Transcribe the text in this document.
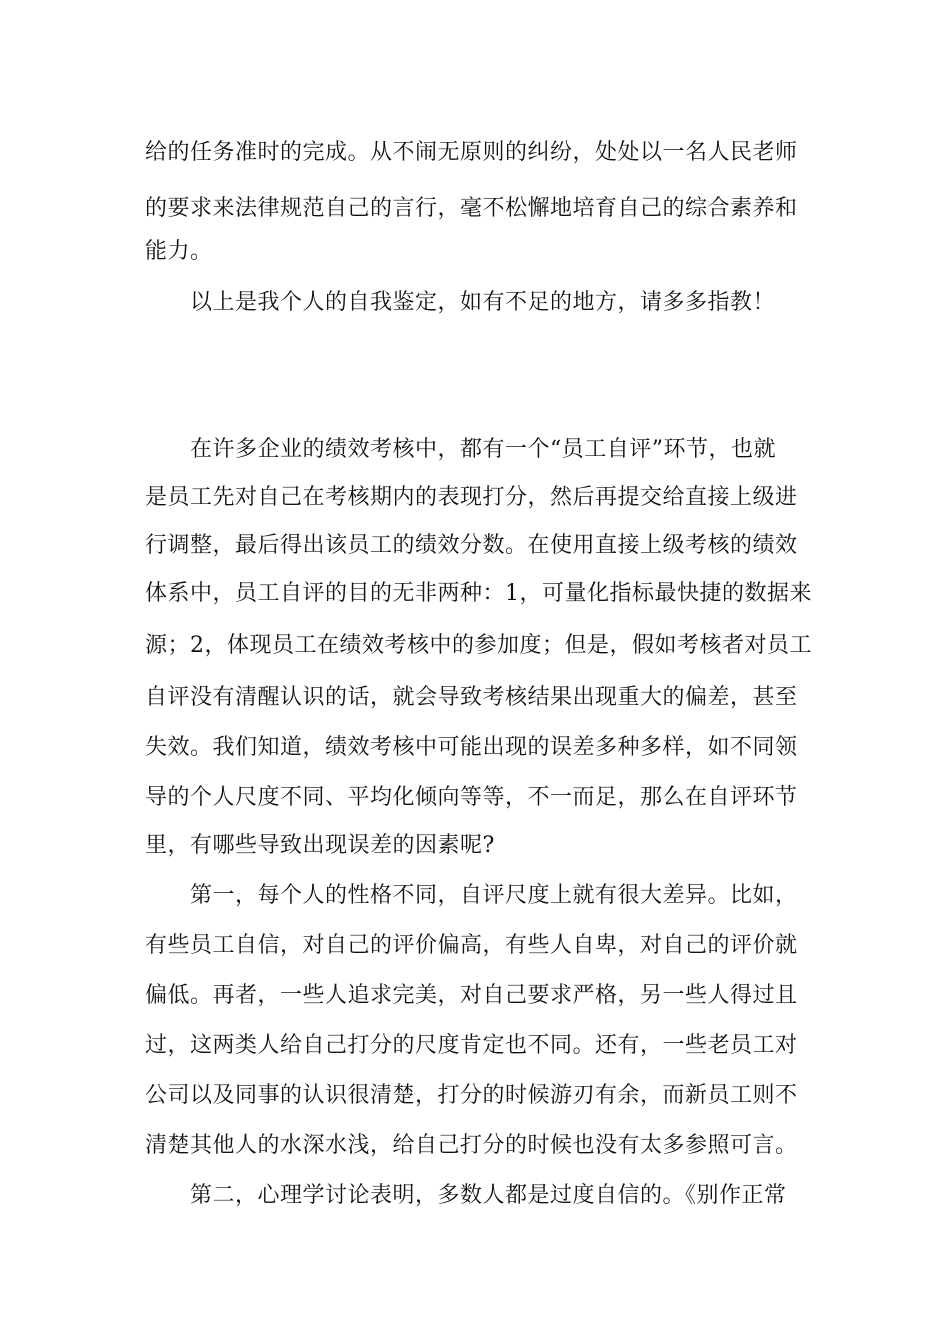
给的任务准时的完成。从不闹无原则的纠纷，处处以一名人民老师
的要求来法律规范自己的言行，毫不松懈地培育自己的综合素养和
能力。
以上是我个人的自我鉴定，如有不足的地方，请多多指教！
在许多企业的绩效考核中，都有一个“员工自评”环节，也就
是员工先对自己在考核期内的表现打分，然后再提交给直接上级进
行调整，最后得出该员工的绩效分数。在使用直接上级考核的绩效
体系中，员工自评的目的无非两种：1，可量化指标最快捷的数据来
源；2，体现员工在绩效考核中的参加度；但是，假如考核者对员工
自评没有清醒认识的话，就会导致考核结果出现重大的偏差，甚至
失效。我们知道，绩效考核中可能出现的误差多种多样，如不同领
导的个人尺度不同、平均化倾向等等，不一而足，那么在自评环节
里，有哪些导致出现误差的因素呢?
第一，每个人的性格不同，自评尺度上就有很大差异。比如，
有些员工自信，对自己的评价偏高，有些人自卑，对自己的评价就
偏低。再者，一些人追求完美，对自己要求严格，另一些人得过且
过，这两类人给自己打分的尺度肯定也不同。还有，一些老员工对
公司以及同事的认识很清楚，打分的时候游刃有余，而新员工则不
清楚其他人的水深水浅，给自己打分的时候也没有太多参照可言。
第二，心理学讨论表明，多数人都是过度自信的。《别作正常
